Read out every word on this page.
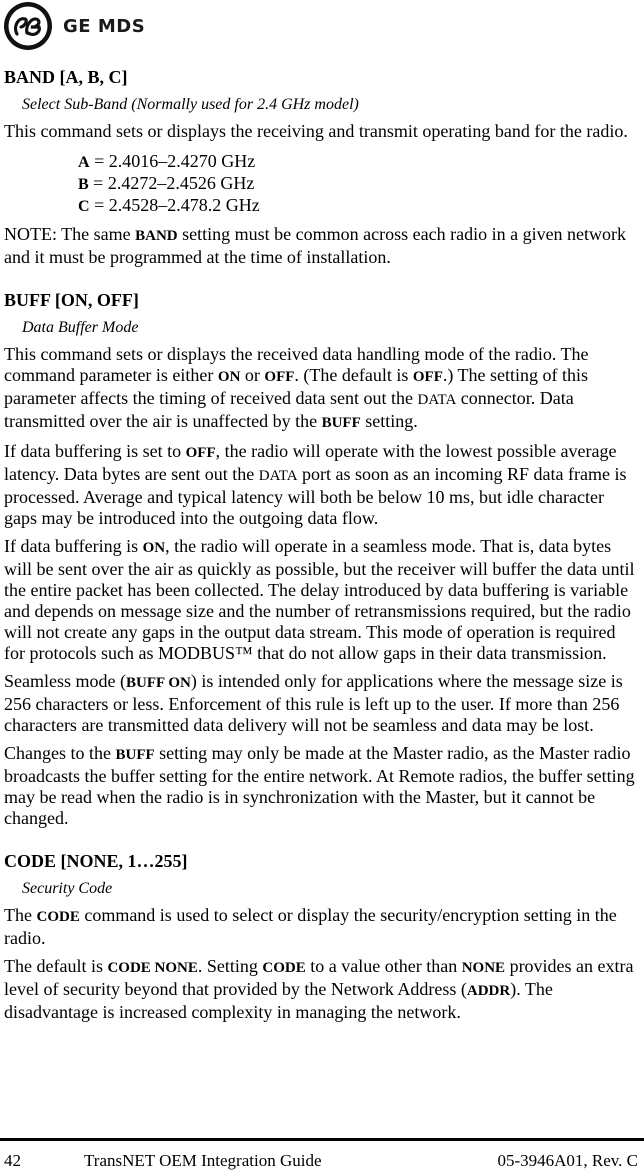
GE MDS
BAND [A, B, C]
Select Sub-Band (Normally used for 2.4 GHz model)

This command sets or displays the receiving and transmit operating band for the radio.

A = 2.4016–2.4270 GHz
B = 2.4272–2.4526 GHz
C = 2.4528–2.478.2 GHz

NOTE: The same BAND setting must be common across each radio in a given network and it must be programmed at the time of installation.

BUFF [ON, OFF]
Data Buffer Mode

This command sets or displays the received data handling mode of the radio. The command parameter is either ON or OFF. (The default is OFF.) The setting of this parameter affects the timing of received data sent out the DATA connector. Data transmitted over the air is unaffected by the BUFF setting.

If data buffering is set to OFF, the radio will operate with the lowest possible average latency. Data bytes are sent out the DATA port as soon as an incoming RF data frame is processed. Average and typical latency will both be below 10 ms, but idle character gaps may be introduced into the outgoing data flow.

If data buffering is ON, the radio will operate in a seamless mode. That is, data bytes will be sent over the air as quickly as possible, but the receiver will buffer the data until the entire packet has been collected. The delay introduced by data buffering is variable and depends on message size and the number of retransmissions required, but the radio will not create any gaps in the output data stream. This mode of operation is required for protocols such as MODBUS™ that do not allow gaps in their data transmission.

Seamless mode (BUFF ON) is intended only for applications where the message size is 256 characters or less. Enforcement of this rule is left up to the user. If more than 256 characters are transmitted data delivery will not be seamless and data may be lost.

Changes to the BUFF setting may only be made at the Master radio, as the Master radio broadcasts the buffer setting for the entire network. At Remote radios, the buffer setting may be read when the radio is in synchronization with the Master, but it cannot be changed.

CODE [NONE, 1…255]
Security Code

The CODE command is used to select or display the security/encryption setting in the radio.

The default is CODE NONE. Setting CODE to a value other than NONE provides an extra level of security beyond that provided by the Network Address (ADDR). The disadvantage is increased complexity in managing the network.

42	TransNET OEM Integration Guide	05-3946A01, Rev. C
